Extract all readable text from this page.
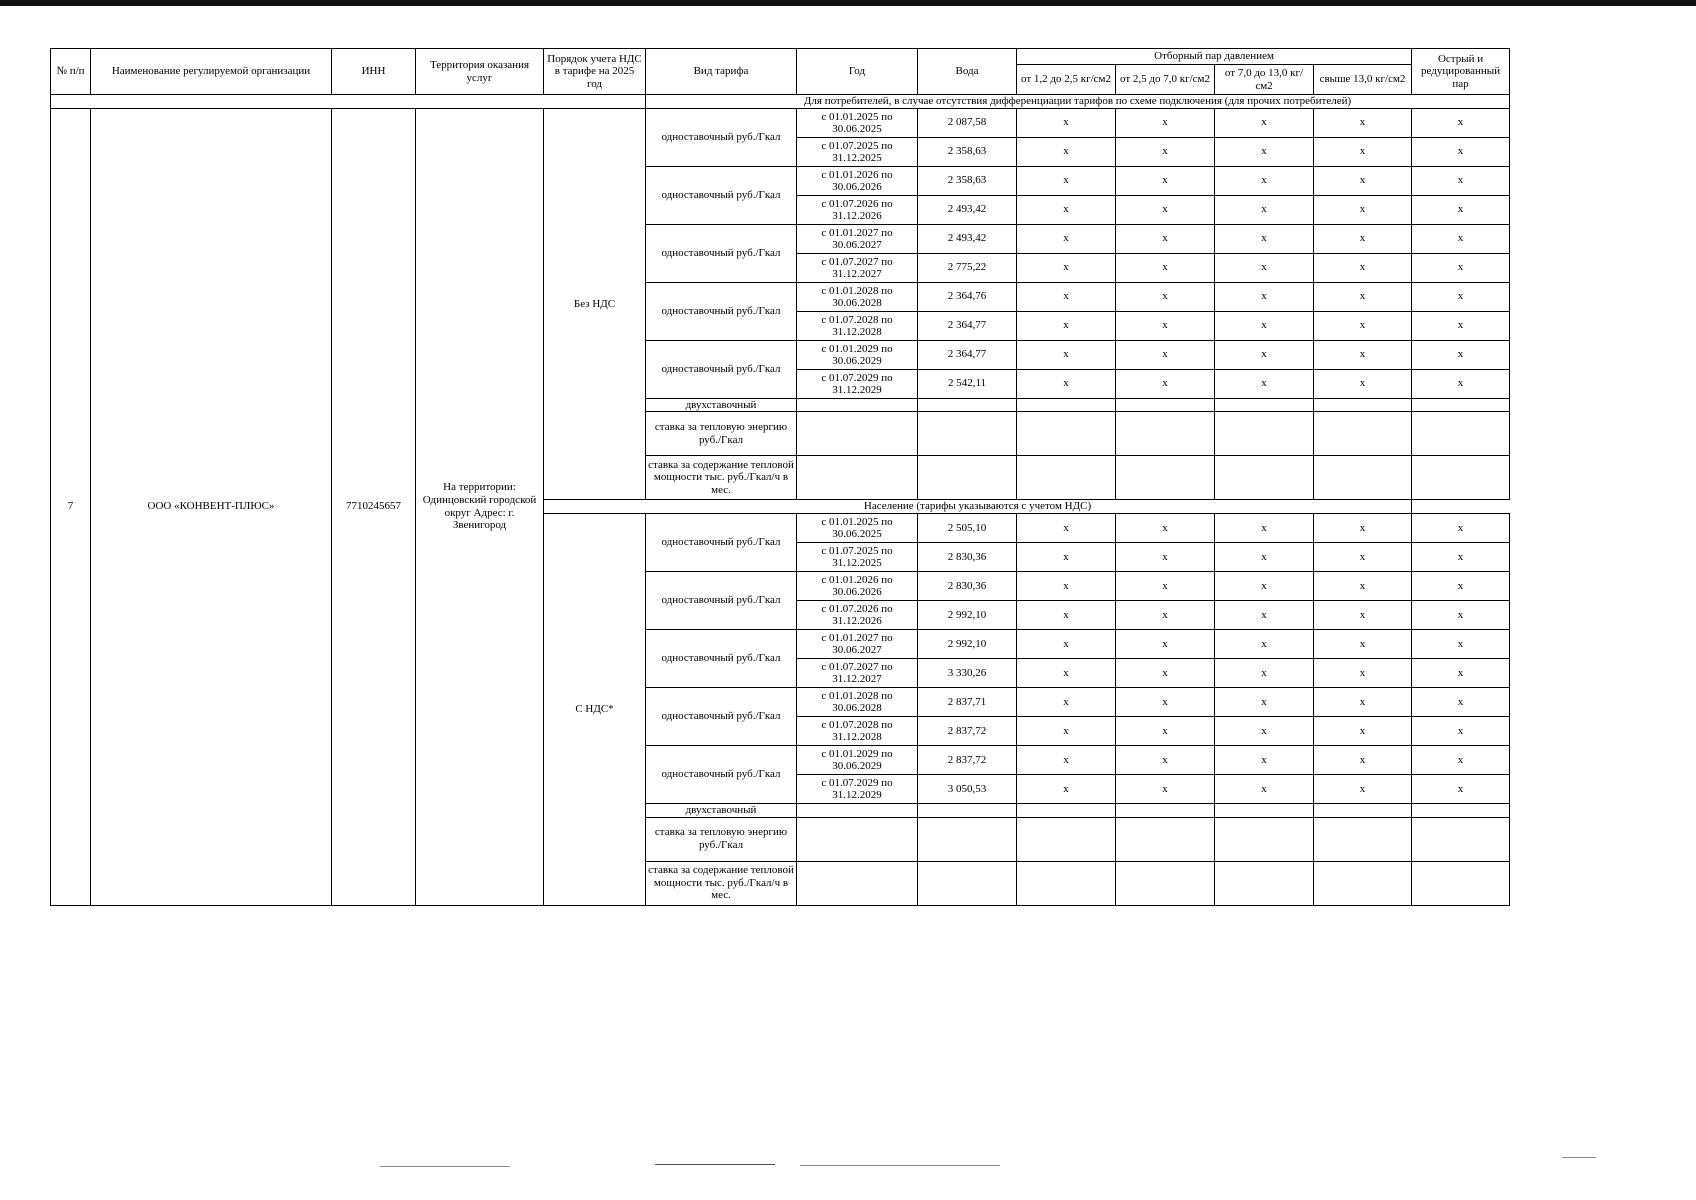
№ п/п	Наименование регулируемой организации	ИНН	Территория оказания услуг	Порядок учета НДС в тарифе на 2025 год	Вид тарифа	Год	Вода	Отборный пар давлением				Острый и редуцированный пар
								от 1,2 до 2,5 кг/см2	от 2,5 до 7,0 кг/см2	от 7,0 до 13,0 кг/см2	свыше 13,0 кг/см2	
					Для потребителей, в случае отсутствия дифференциации тарифов по схеме подключения (для прочих потребителей)							
7	ООО «КОНВЕНТ-ПЛЮС»	7710245657	На территории: Одинцовский городской округ Адрес: г. Звенигород	Без НДС	одноставочный руб./Гкал	с 01.01.2025 по 30.06.2025	2 087,58	x	x	x	x	x
						с 01.07.2025 по 31.12.2025	2 358,63	x	x	x	x	x
					одноставочный руб./Гкал	с 01.01.2026 по 30.06.2026	2 358,63	x	x	x	x	x
						с 01.07.2026 по 31.12.2026	2 493,42	x	x	x	x	x
					одноставочный руб./Гкал	с 01.01.2027 по 30.06.2027	2 493,42	x	x	x	x	x
						с 01.07.2027 по 31.12.2027	2 775,22	x	x	x	x	x
					одноставочный руб./Гкал	с 01.01.2028 по 30.06.2028	2 364,76	x	x	x	x	x
						с 01.07.2028 по 31.12.2028	2 364,77	x	x	x	x	x
					одноставочный руб./Гкал	с 01.01.2029 по 30.06.2029	2 364,77	x	x	x	x	x
						с 01.07.2029 по 31.12.2029	2 542,11	x	x	x	x	x
					двухставочный							
					ставка за тепловую энергию руб./Гкал							
					ставка за содержание тепловой мощности тыс. руб./Гкал/ч в мес.							
				Население (тарифы указываются с учетом НДС)								
				С НДС*	одноставочный руб./Гкал	с 01.01.2025 по 30.06.2025	2 505,10	x	x	x	x	x
						с 01.07.2025 по 31.12.2025	2 830,36	x	x	x	x	x
					одноставочный руб./Гкал	с 01.01.2026 по 30.06.2026	2 830,36	x	x	x	x	x
						с 01.07.2026 по 31.12.2026	2 992,10	x	x	x	x	x
					одноставочный руб./Гкал	с 01.01.2027 по 30.06.2027	2 992,10	x	x	x	x	x
						с 01.07.2027 по 31.12.2027	3 330,26	x	x	x	x	x
					одноставочный руб./Гкал	с 01.01.2028 по 30.06.2028	2 837,71	x	x	x	x	x
						с 01.07.2028 по 31.12.2028	2 837,72	x	x	x	x	x
					одноставочный руб./Гкал	с 01.01.2029 по 30.06.2029	2 837,72	x	x	x	x	x
						с 01.07.2029 по 31.12.2029	3 050,53	x	x	x	x	x
					двухставочный							
					ставка за тепловую энергию руб./Гкал							
					ставка за содержание тепловой мощности тыс. руб./Гкал/ч в мес.							
